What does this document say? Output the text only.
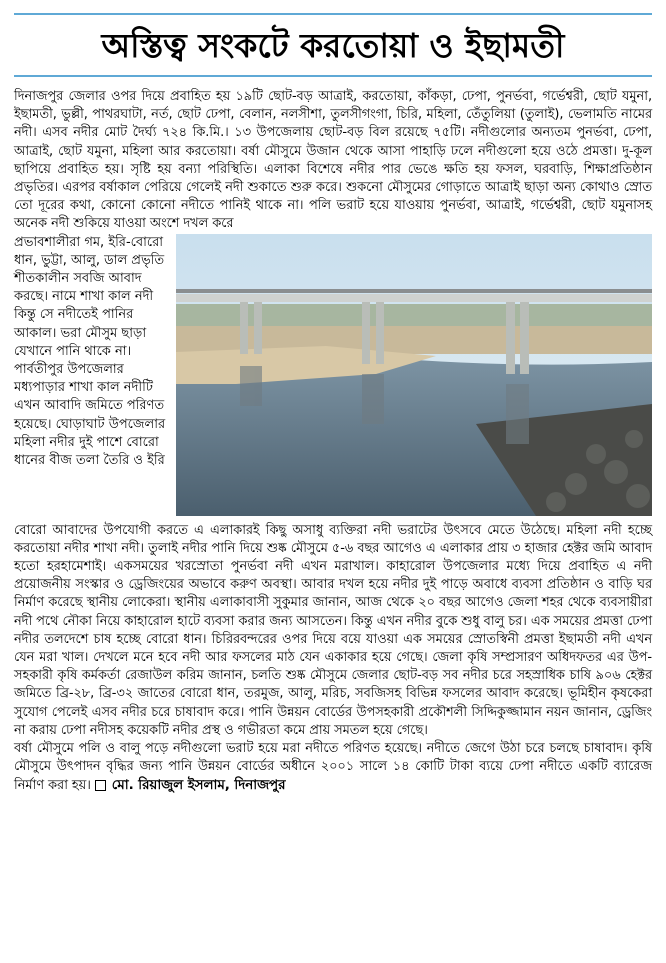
অস্তিত্ব সংকটে করতোয়া ও ইছামতী

দিনাজপুর জেলার ওপর দিয়ে প্রবাহিত হয় ১৯টি ছোট-বড় আত্রাই, করতোয়া, কাঁকড়া, ঢেপা, পুনর্ভবা, গর্ভেশ্বরী, ছোট যমুনা, ইছামতী, ভুল্লী, পাথরঘাটা, নর্ত, ছোট ঢেপা, বেলান, নলসীশা, তুলসীগংগা, চিরি, মহিলা, তেঁতুলিয়া (তুলাই), ভেলামতি নামের নদী। এসব নদীর মোট দৈর্ঘ্য ৭২৪ কি.মি.। ১৩ উপজেলায় ছোট-বড় বিল রয়েছে ৭৫টি। নদীগুলোর অন্যতম পুনর্ভবা, ঢেপা, আত্রাই, ছোট যমুনা, মহিলা আর করতোয়া। বর্ষা মৌসুমে উজান থেকে আসা পাহাড়ি ঢলে নদীগুলো হয়ে ওঠে প্রমত্তা। দু-কূল ছাপিয়ে প্রবাহিত হয়। সৃষ্টি হয় বন্যা পরিস্থিতি। এলাকা বিশেষে নদীর পার ভেঙে ক্ষতি হয় ফসল, ঘরবাড়ি, শিক্ষাপ্রতিষ্ঠান প্রভৃতির। এরপর বর্ষাকাল পেরিয়ে গেলেই নদী শুকাতে শুরু করে। শুকনো মৌসুমের গোড়াতে আত্রাই ছাড়া অন্য কোথাও স্রোত তো দূরের কথা, কোনো কোনো নদীতে পানিই থাকে না। পলি ভরাট হয়ে যাওয়ায় পুনর্ভবা, আত্রাই, গর্ভেশ্বরী, ছোট যমুনাসহ অনেক নদী শুকিয়ে যাওয়া অংশে দখল করে

প্রভাবশালীরা গম, ইরি-বোরো ধান, ভুট্টা, আলু, ডাল প্রভৃতি শীতকালীন সবজি আবাদ করছে। নামে শাখা কাল নদী কিন্তু সে নদীতেই পানির আকাল। ভরা মৌসুম ছাড়া যেখানে পানি থাকে না। পার্বতীপুর উপজেলার মধ্যপাড়ার শাখা কাল নদীটি এখন আবাদি জমিতে পরিণত হয়েছে। ঘোড়াঘাট উপজেলার মহিলা নদীর দুই পাশে বোরো ধানের বীজ তলা তৈরি ও ইরি

বোরো আবাদের উপযোগী করতে এ এলাকারই কিছু অসাধু ব্যক্তিরা নদী ভরাটের উৎসবে মেতে উঠেছে। মহিলা নদী হচ্ছে করতোয়া নদীর শাখা নদী। তুলাই নদীর পানি দিয়ে শুষ্ক মৌসুমে ৫-৬ বছর আগেও এ এলাকার প্রায় ৩ হাজার হেক্টর জমি আবাদ হতো হরহামেশাই। একসময়ের খরস্রোতা পুনর্ভবা নদী এখন মরাখাল। কাহারোল উপজেলার মধ্যে দিয়ে প্রবাহিত এ নদী প্রয়োজনীয় সংস্কার ও ড্রেজিংয়ের অভাবে করুণ অবস্থা। আবার দখল হয়ে নদীর দুই পাড়ে অবাধে ব্যবসা প্রতিষ্ঠান ও বাড়ি ঘর নির্মাণ করেছে স্থানীয় লোকেরা। স্থানীয় এলাকাবাসী সুকুমার জানান, আজ থেকে ২০ বছর আগেও জেলা শহর থেকে ব্যবসায়ীরা নদী পথে নৌকা নিয়ে কাহারোল হাটে ব্যবসা করার জন্য আসতেন। কিন্তু এখন নদীর বুকে শুধু বালু চর। এক সময়ের প্রমত্তা ঢেপা নদীর তলদেশে চাষ হচ্ছে বোরো ধান। চিরিরবন্দরের ওপর দিয়ে বয়ে যাওয়া এক সময়ের স্রোতস্বিনী প্রমত্তা ইছামতী নদী এখন যেন মরা খাল। দেখলে মনে হবে নদী আর ফসলের মাঠ যেন একাকার হয়ে গেছে। জেলা কৃষি সম্প্রসারণ অধিদফতর এর উপ-সহকারী কৃষি কর্মকর্তা রেজাউল করিম জানান, চলতি শুষ্ক মৌসুমে জেলার ছোট-বড় সব নদীর চরে সহস্রাধিক চাষি ৯০৬ হেক্টর জমিতে ব্রি-২৮, ব্রি-৩২ জাতের বোরো ধান, তরমুজ, আলু, মরিচ, সবজিসহ বিভিন্ন ফসলের আবাদ করেছে। ভূমিহীন কৃষকেরা সুযোগ পেলেই এসব নদীর চরে চাষাবাদ করে। পানি উন্নয়ন বোর্ডের উপসহকারী প্রকৌশলী সিদ্দিকুজ্জামান নয়ন জানান, ড্রেজিং না করায় ঢেপা নদীসহ কয়েকটি নদীর প্রস্থ ও গভীরতা কমে প্রায় সমতল হয়ে গেছে।

বর্ষা মৌসুমে পলি ও বালু পড়ে নদীগুলো ভরাট হয়ে মরা নদীতে পরিণত হয়েছে। নদীতে জেগে উঠা চরে চলছে চাষাবাদ। কৃষি মৌসুমে উৎপাদন বৃদ্ধির জন্য পানি উন্নয়ন বোর্ডের অধীনে ২০০১ সালে ১৪ কোটি টাকা ব্যয়ে ঢেপা নদীতে একটি ব্যারেজ নির্মাণ করা হয়। মো. রিয়াজুল ইসলাম, দিনাজপুর
